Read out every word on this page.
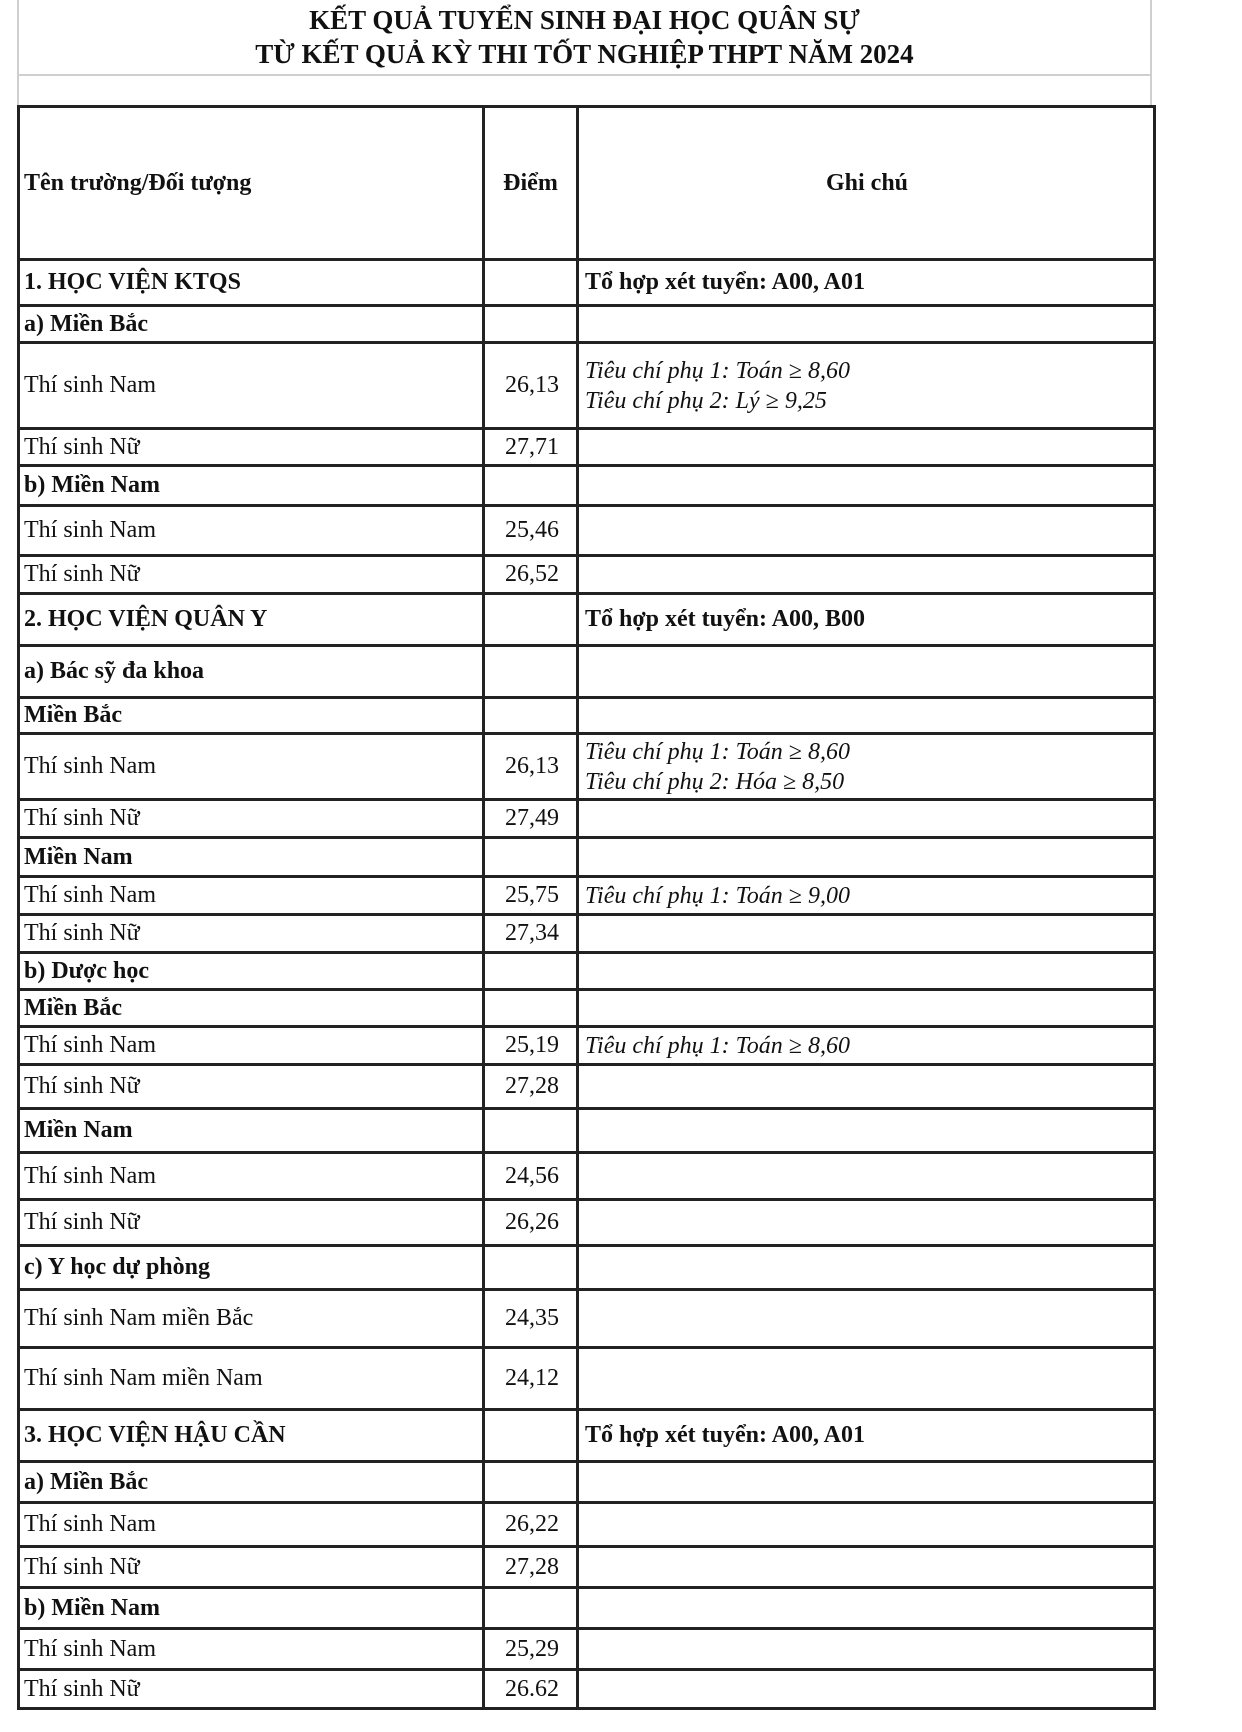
KẾT QUẢ TUYỂN SINH ĐẠI HỌC QUÂN SỰ
TỪ KẾT QUẢ KỲ THI TỐT NGHIỆP THPT NĂM 2024
Tên trường/Đối tượng	Điểm	Ghi chú
1. HỌC VIỆN KTQS		Tổ hợp xét tuyển: A00, A01
a) Miền Bắc		
Thí sinh Nam	26,13	Tiêu chí phụ 1: Toán ≥ 8,60
Tiêu chí phụ 2: Lý ≥ 9,25

Thí sinh Nữ	27,71	
b) Miền Nam		
Thí sinh Nam	25,46	
Thí sinh Nữ	26,52	
2. HỌC VIỆN QUÂN Y		Tổ hợp xét tuyển: A00, B00
a) Bác sỹ đa khoa		
Miền Bắc		
Thí sinh Nam	26,13	Tiêu chí phụ 1: Toán ≥ 8,60
Tiêu chí phụ 2: Hóa ≥ 8,50

Thí sinh Nữ	27,49	
Miền Nam		
Thí sinh Nam	25,75	Tiêu chí phụ 1: Toán ≥ 9,00

Thí sinh Nữ	27,34	
b) Dược học		
Miền Bắc		
Thí sinh Nam	25,19	Tiêu chí phụ 1: Toán ≥ 8,60

Thí sinh Nữ	27,28	
Miền Nam		
Thí sinh Nam	24,56	
Thí sinh Nữ	26,26	
c) Y học dự phòng		
Thí sinh Nam miền Bắc	24,35	
Thí sinh Nam miền Nam	24,12	
3. HỌC VIỆN HẬU CẦN		Tổ hợp xét tuyển: A00, A01
a) Miền Bắc		
Thí sinh Nam	26,22	
Thí sinh Nữ	27,28	
b) Miền Nam		
Thí sinh Nam	25,29	
Thí sinh Nữ	26.62	
